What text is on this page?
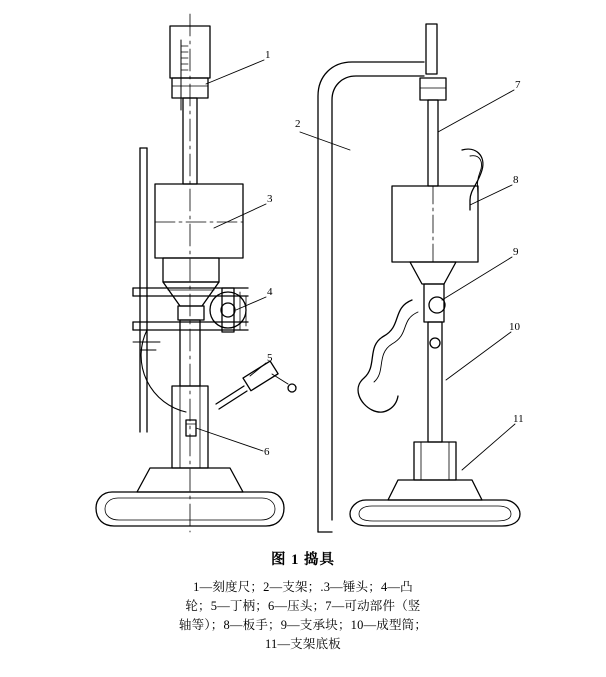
1
2
3
4
5
6
7
8
9
10
11
图 1 捣具
1—刻度尺；2—支架；.3—锤头；4—凸
轮；5—丁柄；6—压头；7—可动部件（竖
轴等）；8—板手；9—支承块；10—成型筒；
11—支架底板
